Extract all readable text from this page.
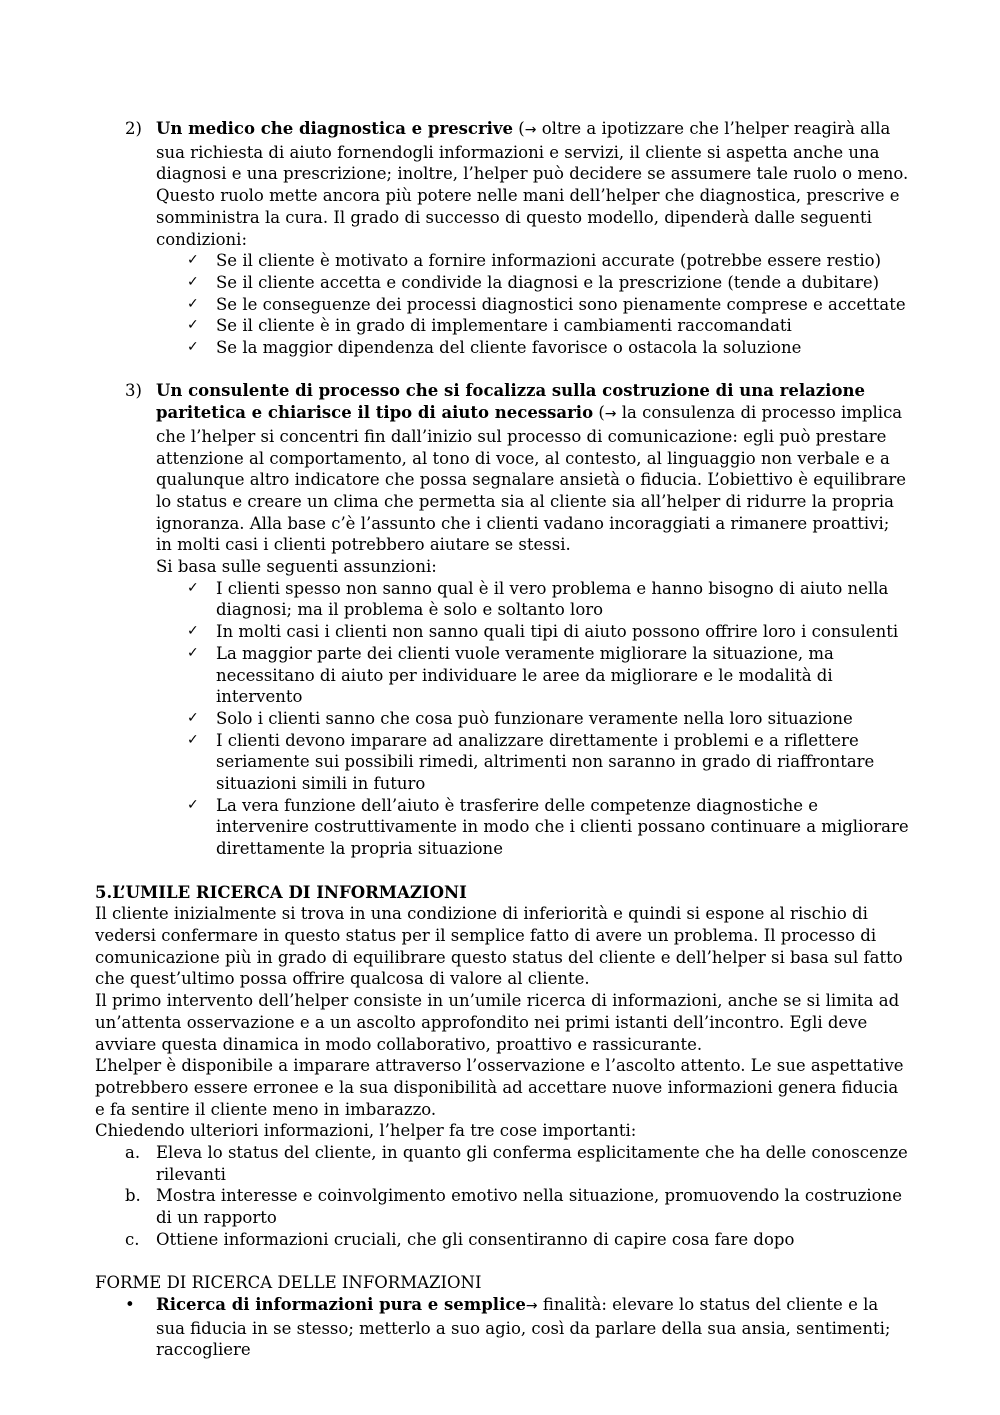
2) Un medico che diagnostica e prescrive (→ oltre a ipotizzare che l’helper reagirà alla sua richiesta di aiuto fornendogli informazioni e servizi, il cliente si aspetta anche una diagnosi e una prescrizione; inoltre, l’helper può decidere se assumere tale ruolo o meno. Questo ruolo mette ancora più potere nelle mani dell’helper che diagnostica, prescrive e somministra la cura. Il grado di successo di questo modello, dipenderà dalle seguenti condizioni:
✓ Se il cliente è motivato a fornire informazioni accurate (potrebbe essere restio)
✓ Se il cliente accetta e condivide la diagnosi e la prescrizione (tende a dubitare)
✓ Se le conseguenze dei processi diagnostici sono pienamente comprese e accettate
✓ Se il cliente è in grado di implementare i cambiamenti raccomandati
✓ Se la maggior dipendenza del cliente favorisce o ostacola la soluzione
3) Un consulente di processo che si focalizza sulla costruzione di una relazione paritetica e chiarisce il tipo di aiuto necessario (→ la consulenza di processo implica che l’helper si concentri fin dall’inizio sul processo di comunicazione: egli può prestare attenzione al comportamento, al tono di voce, al contesto, al linguaggio non verbale e a qualunque altro indicatore che possa segnalare ansietà o fiducia. L’obiettivo è equilibrare lo status e creare un clima che permetta sia al cliente sia all’helper di ridurre la propria ignoranza. Alla base c’è l’assunto che i clienti vadano incoraggiati a rimanere proattivi; in molti casi i clienti potrebbero aiutare se stessi.
Si basa sulle seguenti assunzioni:
✓ I clienti spesso non sanno qual è il vero problema e hanno bisogno di aiuto nella diagnosi; ma il problema è solo e soltanto loro
✓ In molti casi i clienti non sanno quali tipi di aiuto possono offrire loro i consulenti
✓ La maggior parte dei clienti vuole veramente migliorare la situazione, ma necessitano di aiuto per individuare le aree da migliorare e le modalità di intervento
✓ Solo i clienti sanno che cosa può funzionare veramente nella loro situazione
✓ I clienti devono imparare ad analizzare direttamente i problemi e a riflettere seriamente sui possibili rimedi, altrimenti non saranno in grado di riaffrontare situazioni simili in futuro
✓ La vera funzione dell’aiuto è trasferire delle competenze diagnostiche e intervenire costruttivamente in modo che i clienti possano continuare a migliorare direttamente la propria situazione
5.L’UMILE RICERCA DI INFORMAZIONI
Il cliente inizialmente si trova in una condizione di inferiorità e quindi si espone al rischio di vedersi confermare in questo status per il semplice fatto di avere un problema. Il processo di comunicazione più in grado di equilibrare questo status del cliente e dell’helper si basa sul fatto che quest’ultimo possa offrire qualcosa di valore al cliente.
Il primo intervento dell’helper consiste in un’umile ricerca di informazioni, anche se si limita ad un’attenta osservazione e a un ascolto approfondito nei primi istanti dell’incontro. Egli deve avviare questa dinamica in modo collaborativo, proattivo e rassicurante.
L’helper è disponibile a imparare attraverso l’osservazione e l’ascolto attento. Le sue aspettative potrebbero essere erronee e la sua disponibilità ad accettare nuove informazioni genera fiducia e fa sentire il cliente meno in imbarazzo.
Chiedendo ulteriori informazioni, l’helper fa tre cose importanti:
a. Eleva lo status del cliente, in quanto gli conferma esplicitamente che ha delle conoscenze rilevanti
b. Mostra interesse e coinvolgimento emotivo nella situazione, promuovendo la costruzione di un rapporto
c. Ottiene informazioni cruciali, che gli consentiranno di capire cosa fare dopo
FORME DI RICERCA DELLE INFORMAZIONI
• Ricerca di informazioni pura e semplice→ finalità: elevare lo status del cliente e la sua fiducia in se stesso; metterlo a suo agio, così da parlare della sua ansia, sentimenti; raccogliere
